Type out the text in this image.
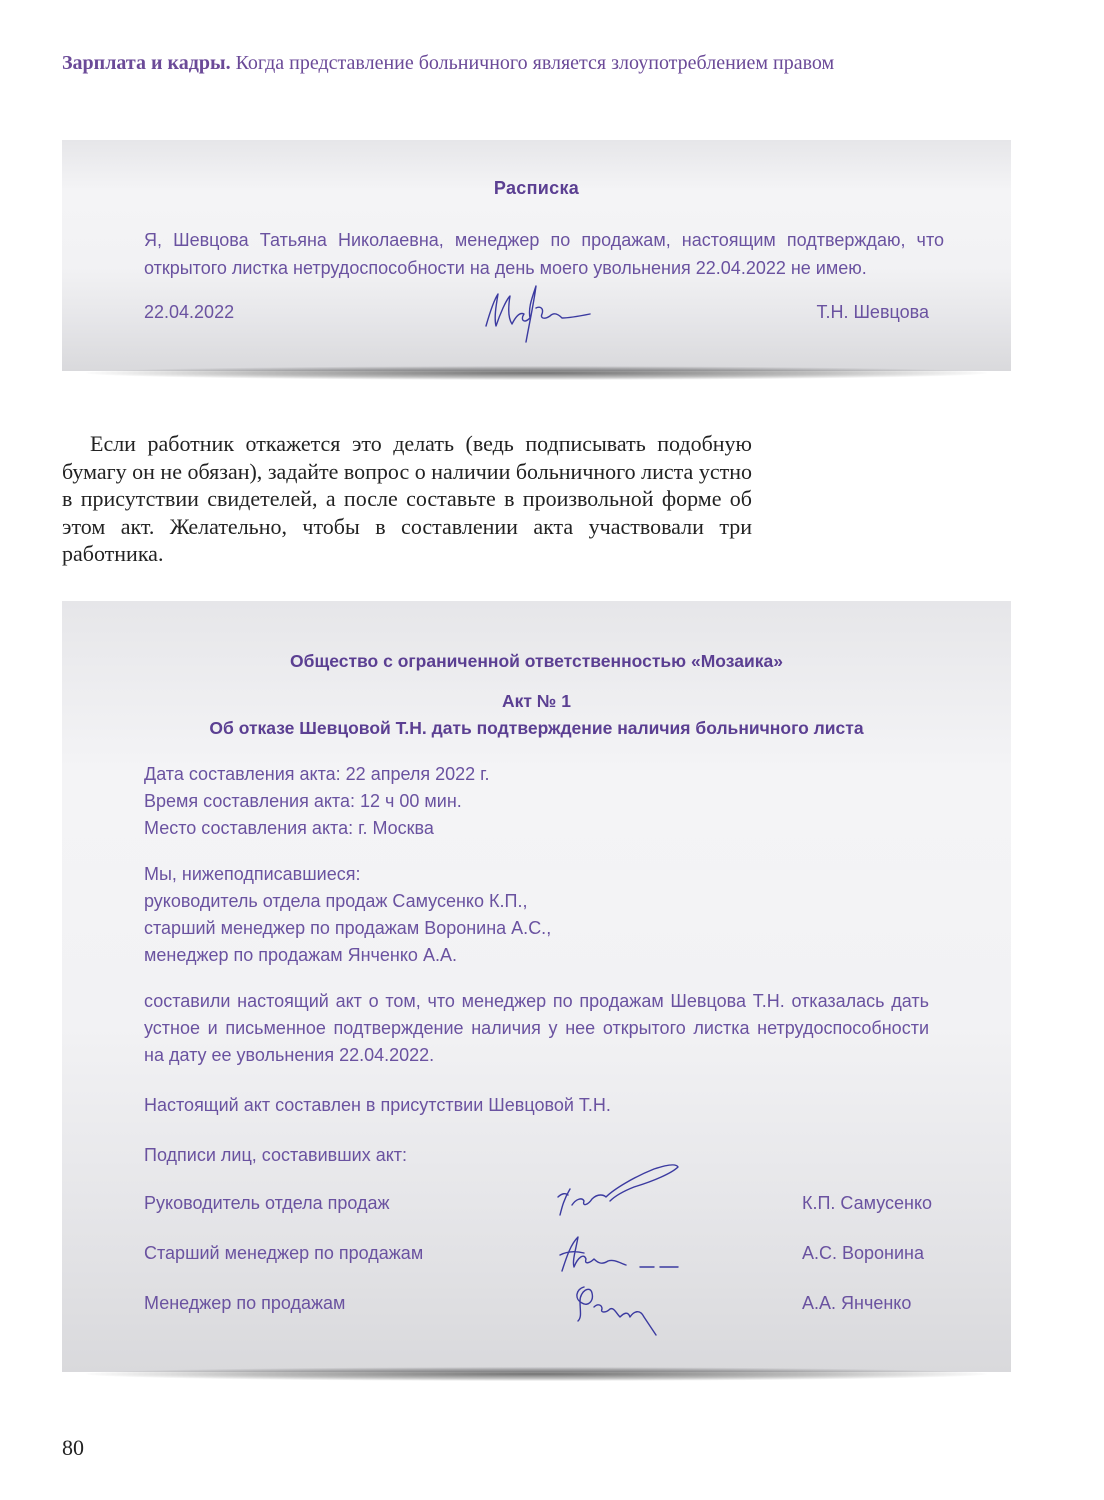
Зарплата и кадры. Когда представление больничного является злоупотреблением правом
Расписка
Я, Шевцова Татьяна Николаевна, менеджер по продажам, настоящим подтверждаю, что открытого листка нетрудоспособности на день моего увольнения 22.04.2022 не имею.
22.04.2022	Т.Н. Шевцова
Если работник откажется это делать (ведь подписывать подобную бумагу он не обязан), задайте вопрос о наличии больничного листа устно в присутствии свидетелей, а после составьте в произвольной форме об этом акт. Желательно, чтобы в составлении акта участвовали три работника.
Общество с ограниченной ответственностью «Мозаика»
Акт № 1
Об отказе Шевцовой Т.Н. дать подтверждение наличия больничного листа
Дата составления акта: 22 апреля 2022 г.
Время составления акта: 12 ч 00 мин.
Место составления акта: г. Москва
Мы, нижеподписавшиеся:
руководитель отдела продаж Самусенко К.П.,
старший менеджер по продажам Воронина А.С.,
менеджер по продажам Янченко А.А.
составили настоящий акт о том, что менеджер по продажам Шевцова Т.Н. отказалась дать устное и письменное подтверждение наличия у нее открытого листка нетрудоспособности на дату ее увольнения 22.04.2022.
Настоящий акт составлен в присутствии Шевцовой Т.Н.
Подписи лиц, составивших акт:
Руководитель отдела продаж	К.П. Самусенко
Старший менеджер по продажам	А.С. Воронина
Менеджер по продажам	А.А. Янченко
80
